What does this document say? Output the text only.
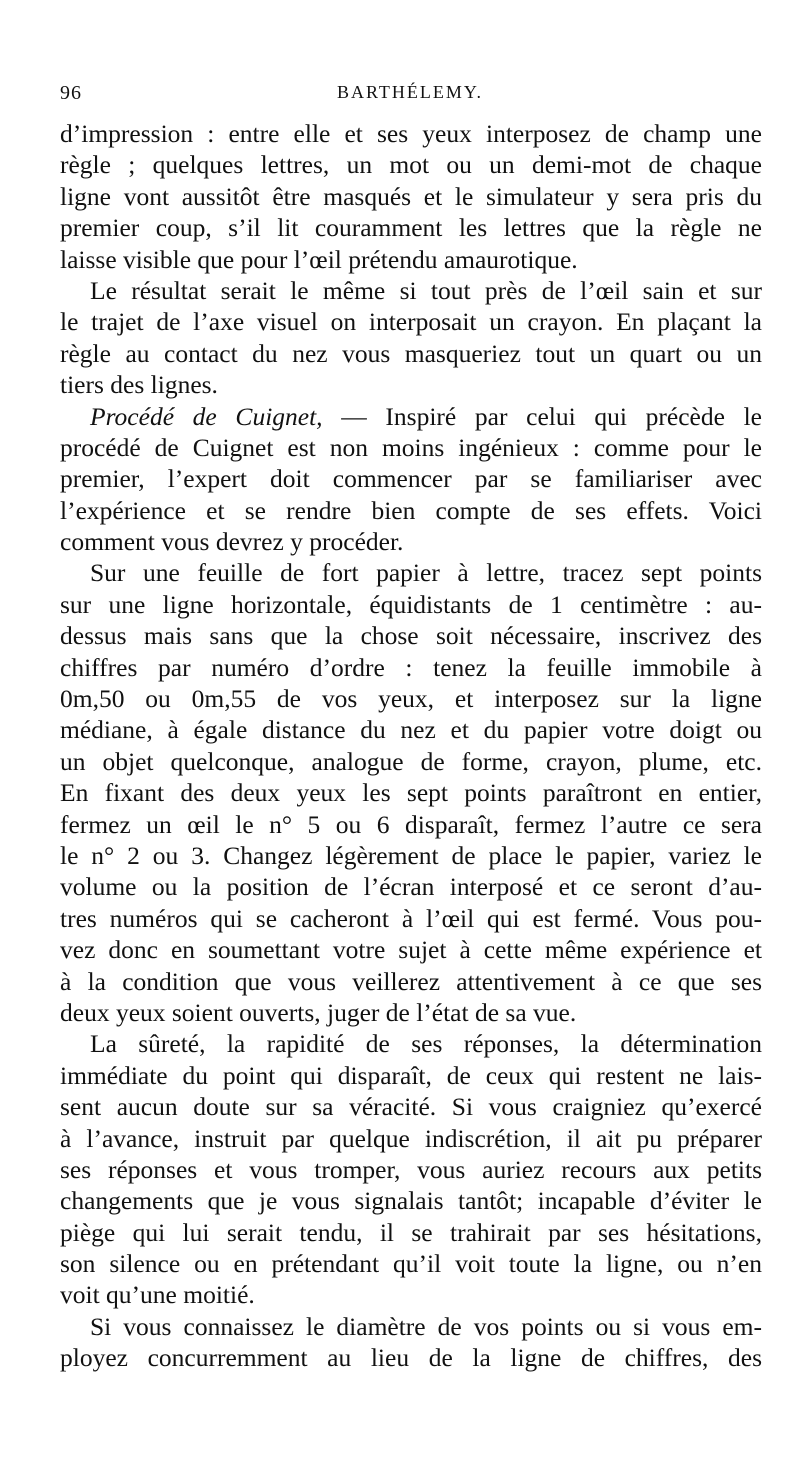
96	BARTHÉLEMY.
d’impression : entre elle et ses yeux interposez de champ une
règle ; quelques lettres, un mot ou un demi-mot de chaque
ligne vont aussitôt être masqués et le simulateur y sera pris du
premier coup, s’il lit couramment les lettres que la règle ne
laisse visible que pour l’œil prétendu amaurotique.
Le résultat serait le même si tout près de l’œil sain et sur
le trajet de l’axe visuel on interposait un crayon. En plaçant la
règle au contact du nez vous masqueriez tout un quart ou un
tiers des lignes.
Procédé de Cuignet, — Inspiré par celui qui précède le
procédé de Cuignet est non moins ingénieux : comme pour le
premier, l’expert doit commencer par se familiariser avec
l’expérience et se rendre bien compte de ses effets. Voici
comment vous devrez y procéder.
Sur une feuille de fort papier à lettre, tracez sept points
sur une ligne horizontale, équidistants de 1 centimètre : au-
dessus mais sans que la chose soit nécessaire, inscrivez des
chiffres par numéro d’ordre : tenez la feuille immobile à
0m,50 ou 0m,55 de vos yeux, et interposez sur la ligne
médiane, à égale distance du nez et du papier votre doigt ou
un objet quelconque, analogue de forme, crayon, plume, etc.
En fixant des deux yeux les sept points paraîtront en entier,
fermez un œil le n° 5 ou 6 disparaît, fermez l’autre ce sera
le n° 2 ou 3. Changez légèrement de place le papier, variez le
volume ou la position de l’écran interposé et ce seront d’au-
tres numéros qui se cacheront à l’œil qui est fermé. Vous pou-
vez donc en soumettant votre sujet à cette même expérience et
à la condition que vous veillerez attentivement à ce que ses
deux yeux soient ouverts, juger de l’état de sa vue.
La sûreté, la rapidité de ses réponses, la détermination
immédiate du point qui disparaît, de ceux qui restent ne lais-
sent aucun doute sur sa véracité. Si vous craigniez qu’exercé
à l’avance, instruit par quelque indiscrétion, il ait pu préparer
ses réponses et vous tromper, vous auriez recours aux petits
changements que je vous signalais tantôt; incapable d’éviter le
piège qui lui serait tendu, il se trahirait par ses hésitations,
son silence ou en prétendant qu’il voit toute la ligne, ou n’en
voit qu’une moitié.
Si vous connaissez le diamètre de vos points ou si vous em-
ployez concurremment au lieu de la ligne de chiffres, des
